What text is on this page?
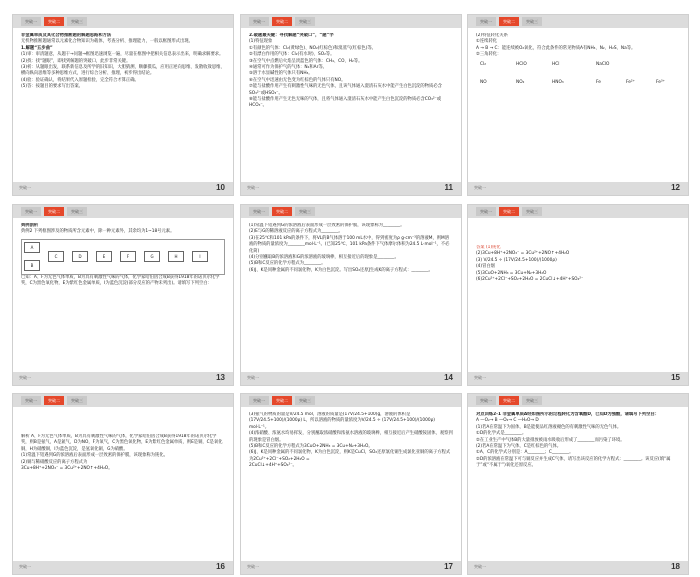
突破一	突破二	突破三

非金属单质及其化合物推断题的解题思路和方法

无机物推断题通常以元素化合物知识为载体，考查分析、推理能力，一般以框图形式出现。

1.解题“五步曲”

(1)审：审清题意，从题干→问题→框图迅速浏览一遍，尽量在框图中把相关信息表示出来，明确求解要求。

(2)找：找“题眼”，即找到解题的突破口，此步非常关键。

(3)析：从题眼出发，联系新信息及所学的旧知识，大胆猜测，顺藤摸瓜，应用正逆向思维、发散收敛思维、横向纵向思维等多种思维方式，进行综合分析、推理，初步得出结论。

(4)验：验证确认，将结果代入原题检验，完全符合才算正确。

(5)答：按题目的要求写出答案。

突破一	10
突破一	突破二	突破三

2.破题最关键：寻找解题“突破口”，“题”字

(1)特征现象

①有颜色的气体：Cl₂(黄绿色)、NO₂(红棕色)和溴蒸气(红棕色)等。

②有漂白作用的气体：Cl₂(有水时)、SO₂等。

③在空气中点燃后火焰呈淡蓝色的气体：CH₄、CO、H₂等。

④通常可作为保护气的气体：N₂和Ar等。

⑤溶于水显碱性的气体只有NH₃。

⑥在空气中迅速由无色变为红棕色的气体只有NO。

⑦能与盐酸作用产生有刺激性气味的无色气体，且该气体通入澄清石灰水中能产生白色沉淀的物质必含SO₃²⁻或HSO₃⁻。

⑧能与盐酸作用产生无色无味的气体，且将气体通入澄清石灰水中能产生白色沉淀的物质必含CO₃²⁻或HCO₃⁻。

突破一	11
突破一	突破二	突破三

(2)特征转化关系

①连续转化

A → B → C：能连续被O₂氧化，符合此条件的常见物质A有NH₃、N₂、H₂S、Na等。

②三角转化：

Cl₂	HClO	HCl	NaClO
NO	NO₂	HNO₃	Fe	Fe²⁺	Fe³⁺
突破一	12
突破一	突破二	突破三

典例剖析

典例2 下列框图涉及的物质所含元素中，除一种元素外，其余均为1~18号元素。

A
B
C	D	E	F	G	H	I

已知：A、F为无色气体单质，B为具有刺激性气味的气体，化学家哈伯因合成B获得1918年的诺贝尔化学奖，C为黑色氧化物，E为紫红色金属单质，I为蓝色沉淀(部分反应的产物未列出)。请填写下列空白：

突破一	13
突破一	突破二	突破三

(1)常温下铝遇到G的浓溶液后表面形成一层致密的保护膜，该现象称为________。

(2)E与G的稀溶液反应的离子方程式为________。

(3)在25℃和101 kPa的条件下，将VL的B气体溶于100 mL水中，得到密度为ρ g·cm⁻³的溶液M，则M溶液的物质的量浓度为________mol·L⁻¹。(已知25℃、101 kPa条件下气体摩尔体积为24.5 L·mol⁻¹，不必化简)

(4)分别蘸取B的浓溶液和G的浓溶液的玻璃棒，相互接近后的现象是________。

(5)B和C反应的化学方程式为________。

(6)J、K是同种金属的不同氯化物，K为白色沉淀。写出SO₂还原J生成K的离子方程式：________。

突破一	14
突破一	突破二	突破三

答案 (1)钝化

(2)3Cu+8H⁺+2NO₃⁻ = 3Cu²⁺+2NO↑+4H₂O

(3) V/24.5 ÷ (17V/24.5+100)/(1000ρ)

(4)冒白烟

(5)3CuO+2NH₃ = 3Cu+N₂+3H₂O

(6)2Cu²⁺+2Cl⁻+SO₂+2H₂O = 2CuCl↓+4H⁺+SO₄²⁻

突破一	15
突破一	突破二	突破三

解析 A、F为无色气体单质，B为具有刺激性气味的气体，化学家哈伯因合成B获得1918年的诺贝尔化学奖，则B是氨气，A是氮气，D为NO，F为氧气，C为黑色氧化物，E为紫红色金属单质，则E是铜，C是氧化铜，H为硝酸铜，I为蓝色沉淀，是氢氧化铜，G为硝酸。

(1)常温下铝遇到G的浓溶液后表面形成一层致密的保护膜，该现象称为钝化。

(2)铜与稀硝酸反应的离子方程式为

3Cu+8H⁺+2NO₃⁻ = 3Cu²⁺+2NO↑+4H₂O。

突破一	16
突破一	突破二	突破三

(3)氨气的物质的量是V/24.5 mol，溶液的质量是(17V/24.5+100)g，溶液的体积是(17V/24.5+100)/(1000ρ) L，所以溶液的物质的量浓度为V/24.5 ÷ (17V/24.5+100)/(1000ρ) mol·L⁻¹。

(4)浓硝酸、浓氨水均易挥发，分别蘸取浓硝酸和浓氨水溶液的玻璃棒，相互接近后产生硝酸铵固体，观察到的现象是冒白烟。

(5)B和C反应的化学方程式为3CuO+2NH₃ = 3Cu+N₂+3H₂O。

(6)J、K是同种金属的不同氯化物，K为白色沉淀，则K是CuCl，SO₂还原氯化铜生成氯化亚铜的离子方程式为2Cu²⁺+2Cl⁻+SO₂+2H₂O =

2CuCl↓+4H⁺+SO₄²⁻。

突破一	17
突破一	突破二	突破三

对点训练2-1 非金属单质A经如图所示的过程转化为含氧酸D，已知D为强酸，请填写下列空白：

A —O₂→ B —O₂→ C —H₂O→ D

(1)若A在常温下为固体，B是能使品红溶液褪色的有刺激性气味的无色气体。

①D的化学式是________。

②在工业生产中气体B的大量排放被雨水吸收后形成了________而污染了环境。

(2)若A在常温下为气体，C是红棕色的气体。

①A、C的化学式分别是：A________；C________。

②D的浓溶液在常温下可与铜反应并生成C气体，请写出该反应的化学方程式：________。该反应(填“属于”或“不属于”)氧化还原反应。

突破一	18
